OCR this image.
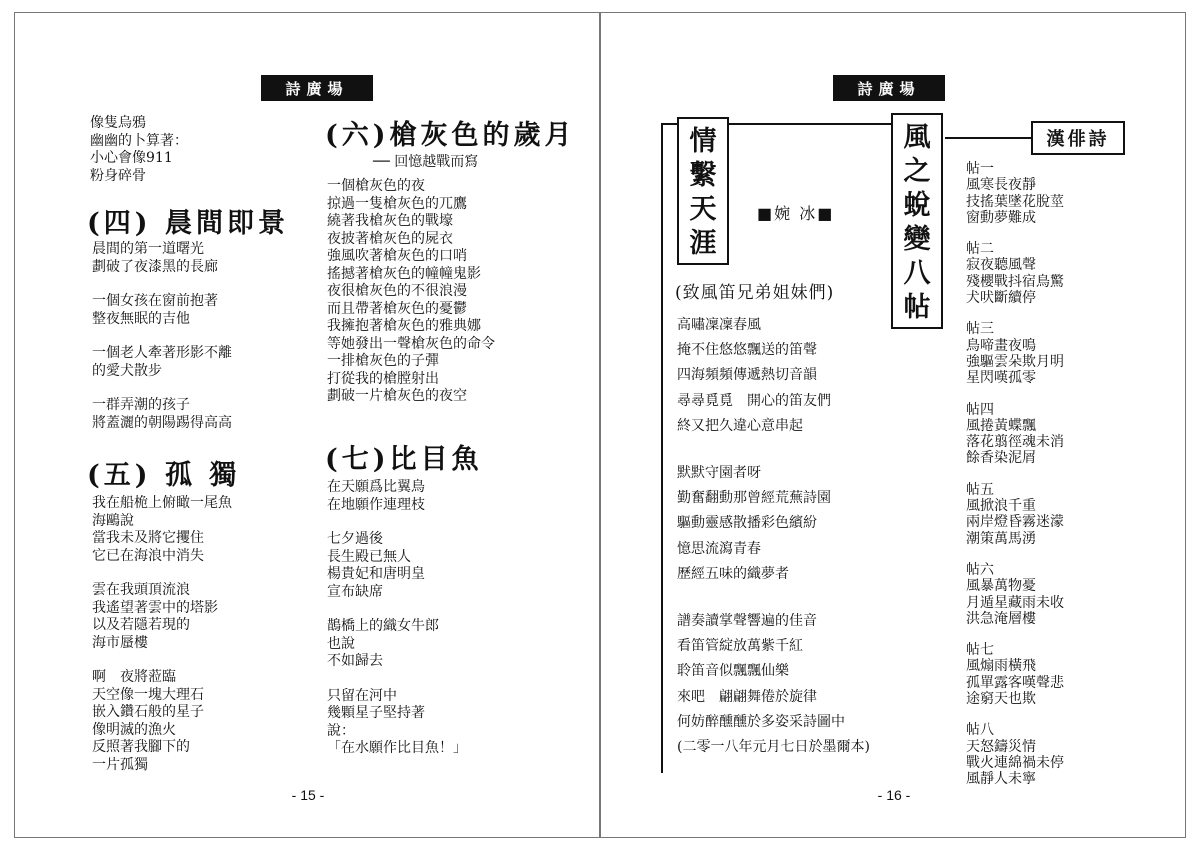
詩廣場
像隻烏鴉
幽幽的卜算著：
小心會像911
粉身碎骨
(四) 晨間即景
晨間的第一道曙光
劃破了夜漆黑的長廊
一個女孩在窗前抱著
整夜無眠的吉他
一個老人牽著形影不離
的愛犬散步
一群弄潮的孩子
將蓋灑的朝陽踢得高高
(五) 孤 獨
我在船桅上俯瞰一尾魚
海鷗說
當我未及將它攫住
它已在海浪中消失
雲在我頭頂流浪
我遙望著雲中的塔影
以及若隱若現的
海市蜃樓
啊　夜將蒞臨
天空像一塊大理石
嵌入鑽石般的星子
像明滅的漁火
反照著我腳下的
一片孤獨
(六)槍灰色的歲月
── 回憶越戰而寫
一個槍灰色的夜
掠過一隻槍灰色的兀鷹
繞著我槍灰色的戰壕
夜披著槍灰色的屍衣
強風吹著槍灰色的口哨
搖撼著槍灰色的幢幢鬼影
夜很槍灰色的不很浪漫
而且帶著槍灰色的憂鬱
我擁抱著槍灰色的雅典娜
等她發出一聲槍灰色的命令
一排槍灰色的子彈
打從我的槍膛射出
劃破一片槍灰色的夜空
(七)比目魚
在天願爲比翼鳥
在地願作連理枝
七夕過後
長生殿已無人
楊貴妃和唐明皇
宣布缺席
鵲橋上的織女牛郎
也說
不如歸去
只留在河中
幾顆星子堅持著
說：
「在水願作比目魚！」
- 15 -
詩廣場
情
繫
天
涯
■婉 冰■
(致風笛兄弟姐妹們)
高嘯凜凜春風
掩不住悠悠飄送的笛聲
四海頻頻傳遞熱切音韻
尋尋覓覓　開心的笛友們
終又把久違心意串起
默默守園者呀
勤奮翻動那曾經荒蕪詩園
驅動靈感散播彩色繽紛
憶思流瀉青春
歷經五味的織夢者
譜奏讀掌聲響遍的佳音
看笛管綻放萬紫千紅
聆笛音似飄飄仙樂
來吧　翩翩舞倦於旋律
何妨醉醺醺於多姿采詩圖中
(二零一八年元月七日於墨爾本)
風
之
蛻
變
八
帖
漢俳詩
帖一
風寒長夜靜
技搖葉墜花脫莖
窗動夢難成
帖二
寂夜聽風聲
殘櫻戰抖宿鳥驚
犬吠斷續停
帖三
鳥啼畫夜鳴
強驅雲朵欺月明
星閃嘆孤零
帖四
風捲黃蝶飄
落花翦徑魂未消
餘香染泥屑
帖五
風掀浪千重
兩岸燈昏霧迷濛
潮策萬馬湧
帖六
風暴萬物憂
月遁星藏雨未收
洪急淹層樓
帖七
風煽雨橫飛
孤單露客嘆聲悲
途窮天也欺
帖八
天怒鑄災情
戰火連綿禍未停
風靜人未寧
- 16 -
